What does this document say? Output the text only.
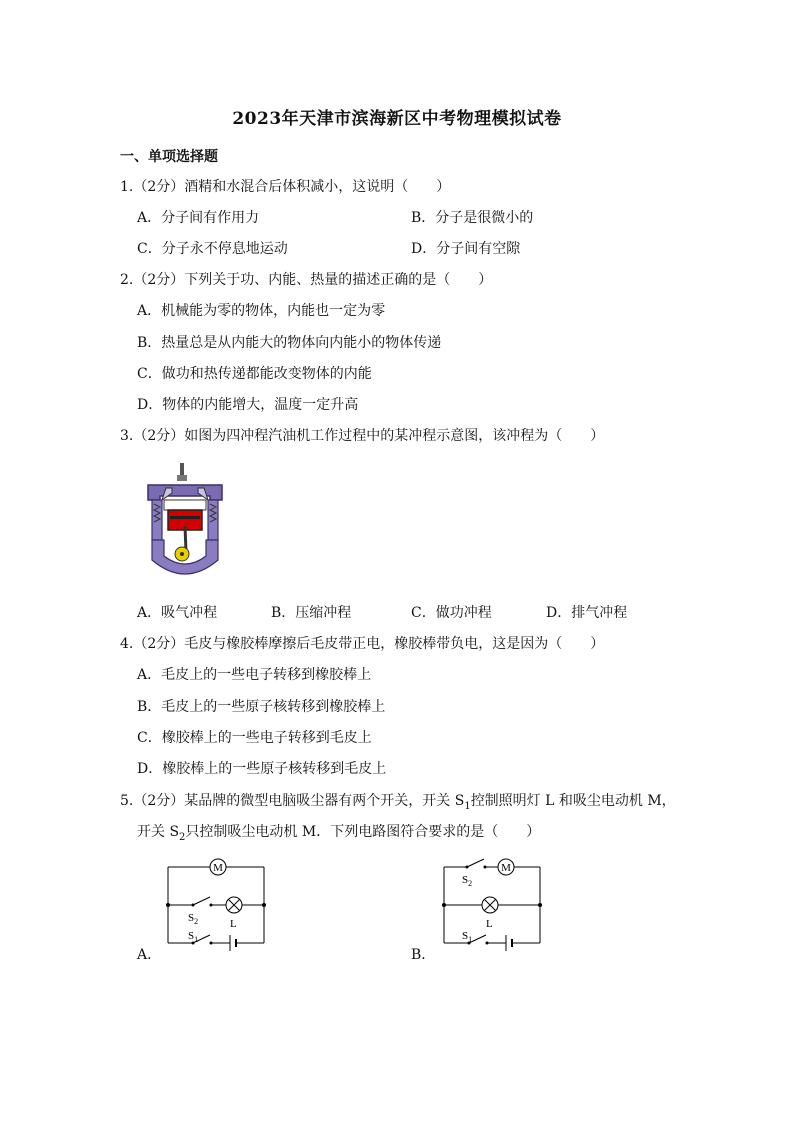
2023年天津市滨海新区中考物理模拟试卷
一、单项选择题
1.（2分）酒精和水混合后体积减小，这说明（　　）
A．分子间有作用力	B．分子是很微小的
C．分子永不停息地运动	D．分子间有空隙
2.（2分）下列关于功、内能、热量的描述正确的是（　　）
A．机械能为零的物体，内能也一定为零
B．热量总是从内能大的物体向内能小的物体传递
C．做功和热传递都能改变物体的内能
D．物体的内能增大，温度一定升高
3.（2分）如图为四冲程汽油机工作过程中的某冲程示意图，该冲程为（　　）
A．吸气冲程	B．压缩冲程	C．做功冲程	D．排气冲程
4.（2分）毛皮与橡胶棒摩擦后毛皮带正电，橡胶棒带负电，这是因为（　　）
A．毛皮上的一些电子转移到橡胶棒上
B．毛皮上的一些原子核转移到橡胶棒上
C．橡胶棒上的一些电子转移到毛皮上
D．橡胶棒上的一些原子核转移到毛皮上
5.（2分）某品牌的微型电脑吸尘器有两个开关，开关 $S_1$控制照明灯 L 和吸尘电动机 M，
开关 $S_2$只控制吸尘电动机 M．下列电路图符合要求的是（　　）
M
$S_2$	L
$S_1$
A．
M
$S_2$
L
$S_1$
B．
